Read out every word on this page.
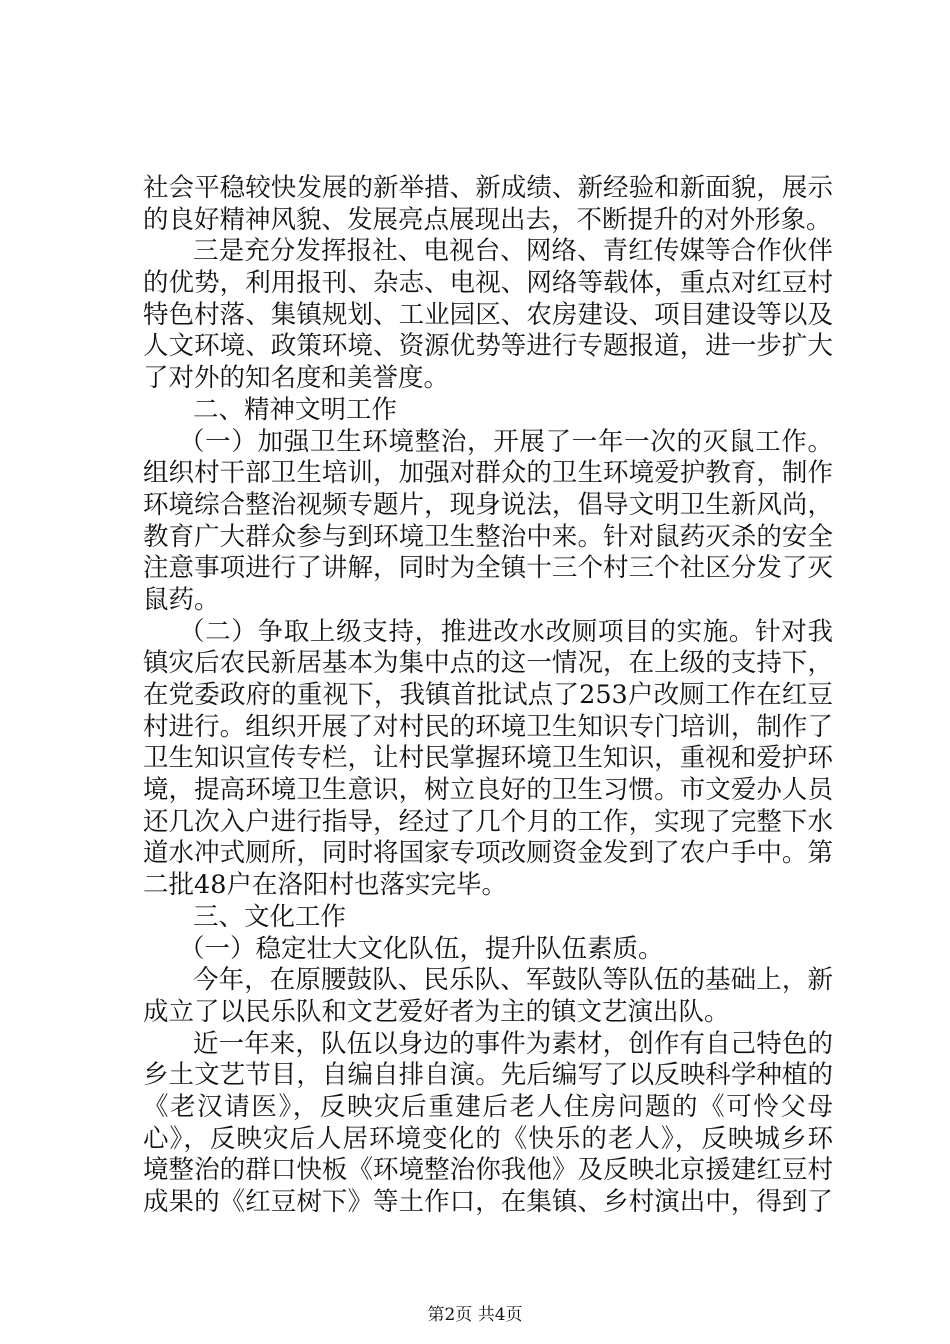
社会平稳较快发展的新举措、新成绩、新经验和新面貌，展示
的良好精神风貌、发展亮点展现出去，不断提升的对外形象。
三是充分发挥报社、电视台、网络、青红传媒等合作伙伴
的优势，利用报刊、杂志、电视、网络等载体，重点对红豆村
特色村落、集镇规划、工业园区、农房建设、项目建设等以及
人文环境、政策环境、资源优势等进行专题报道，进一步扩大
了对外的知名度和美誉度。
二、精神文明工作
（一）加强卫生环境整治，开展了一年一次的灭鼠工作。
组织村干部卫生培训，加强对群众的卫生环境爱护教育，制作
环境综合整治视频专题片，现身说法，倡导文明卫生新风尚，
教育广大群众参与到环境卫生整治中来。针对鼠药灭杀的安全
注意事项进行了讲解，同时为全镇十三个村三个社区分发了灭
鼠药。
（二）争取上级支持，推进改水改厕项目的实施。针对我
镇灾后农民新居基本为集中点的这一情况，在上级的支持下，
在党委政府的重视下，我镇首批试点了253户改厕工作在红豆
村进行。组织开展了对村民的环境卫生知识专门培训，制作了
卫生知识宣传专栏，让村民掌握环境卫生知识，重视和爱护环
境，提高环境卫生意识，树立良好的卫生习惯。市文爱办人员
还几次入户进行指导，经过了几个月的工作，实现了完整下水
道水冲式厕所，同时将国家专项改厕资金发到了农户手中。第
二批48户在洛阳村也落实完毕。
三、文化工作
（一）稳定壮大文化队伍，提升队伍素质。
今年，在原腰鼓队、民乐队、军鼓队等队伍的基础上，新
成立了以民乐队和文艺爱好者为主的镇文艺演出队。
近一年来，队伍以身边的事件为素材，创作有自己特色的
乡土文艺节目，自编自排自演。先后编写了以反映科学种植的
《老汉请医》，反映灾后重建后老人住房问题的《可怜父母
心》，反映灾后人居环境变化的《快乐的老人》，反映城乡环
境整治的群口快板《环境整治你我他》及反映北京援建红豆村
成果的《红豆树下》等土作口，在集镇、乡村演出中，得到了
第2页 共4页
